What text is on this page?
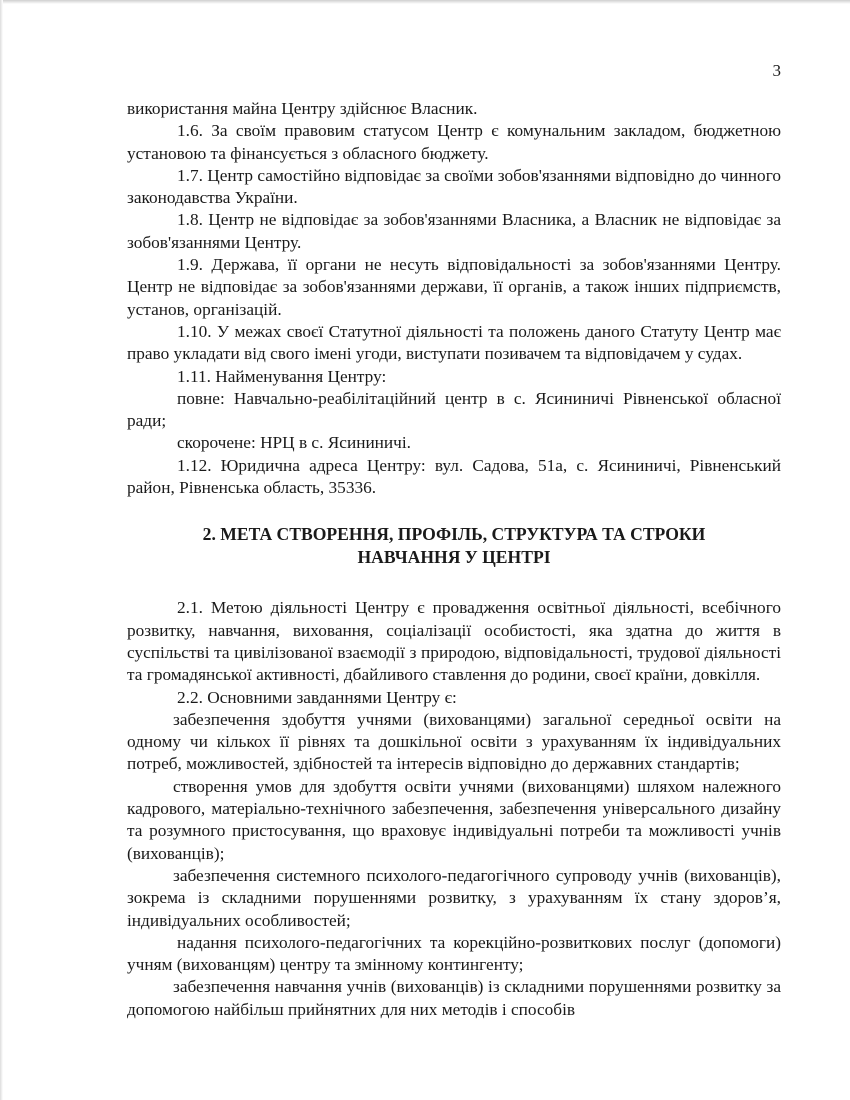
3

використання майна Центру здійснює Власник.

1.6. За своїм правовим статусом Центр є комунальним закладом, бюджетною установою та фінансується з обласного бюджету.

1.7. Центр самостійно відповідає за своїми зобов'язаннями відповідно до чинного законодавства України.

1.8. Центр не відповідає за зобов'язаннями Власника, а Власник не відповідає за зобов'язаннями Центру.

1.9. Держава, її органи не несуть відповідальності за зобов'язаннями Центру. Центр не відповідає за зобов'язаннями держави, її органів, а також інших підприємств, установ, організацій.

1.10. У межах своєї Статутної діяльності та положень даного Статуту Центр має право укладати від свого імені угоди, виступати позивачем та відповідачем у судах.

1.11. Найменування Центру:

повне: Навчально-реабілітаційний центр в с. Ясининичі Рівненської обласної ради;

скорочене: НРЦ в с. Ясининичі.

1.12. Юридична адреса Центру: вул. Садова, 51а, с. Ясининичі, Рівненський район, Рівненська область, 35336.

2. МЕТА СТВОРЕННЯ, ПРОФІЛЬ, СТРУКТУРА ТА СТРОКИ
НАВЧАННЯ У ЦЕНТРІ

2.1. Метою діяльності Центру є провадження освітньої діяльності, всебічного розвитку, навчання, виховання, соціалізації особистості, яка здатна до життя в суспільстві та цивілізованої взаємодії з природою, відповідальності, трудової діяльності та громадянської активності, дбайливого ставлення до родини, своєї країни, довкілля.

2.2. Основними завданнями Центру є:

забезпечення здобуття учнями (вихованцями) загальної середньої освіти на одному чи кількох її рівнях та дошкільної освіти з урахуванням їх індивідуальних потреб, можливостей, здібностей та інтересів відповідно до державних стандартів;

створення умов для здобуття освіти учнями (вихованцями) шляхом належного кадрового, матеріально-технічного забезпечення, забезпечення універсального дизайну та розумного пристосування, що враховує індивідуальні потреби та можливості учнів (вихованців);

забезпечення системного психолого-педагогічного супроводу учнів (вихованців), зокрема із складними порушеннями розвитку, з урахуванням їх стану здоров’я, індивідуальних особливостей;

надання психолого-педагогічних та корекційно-розвиткових послуг (допомоги) учням (вихованцям) центру та змінному контингенту;

забезпечення навчання учнів (вихованців) із складними порушеннями розвитку за допомогою найбільш прийнятних для них методів і способів
